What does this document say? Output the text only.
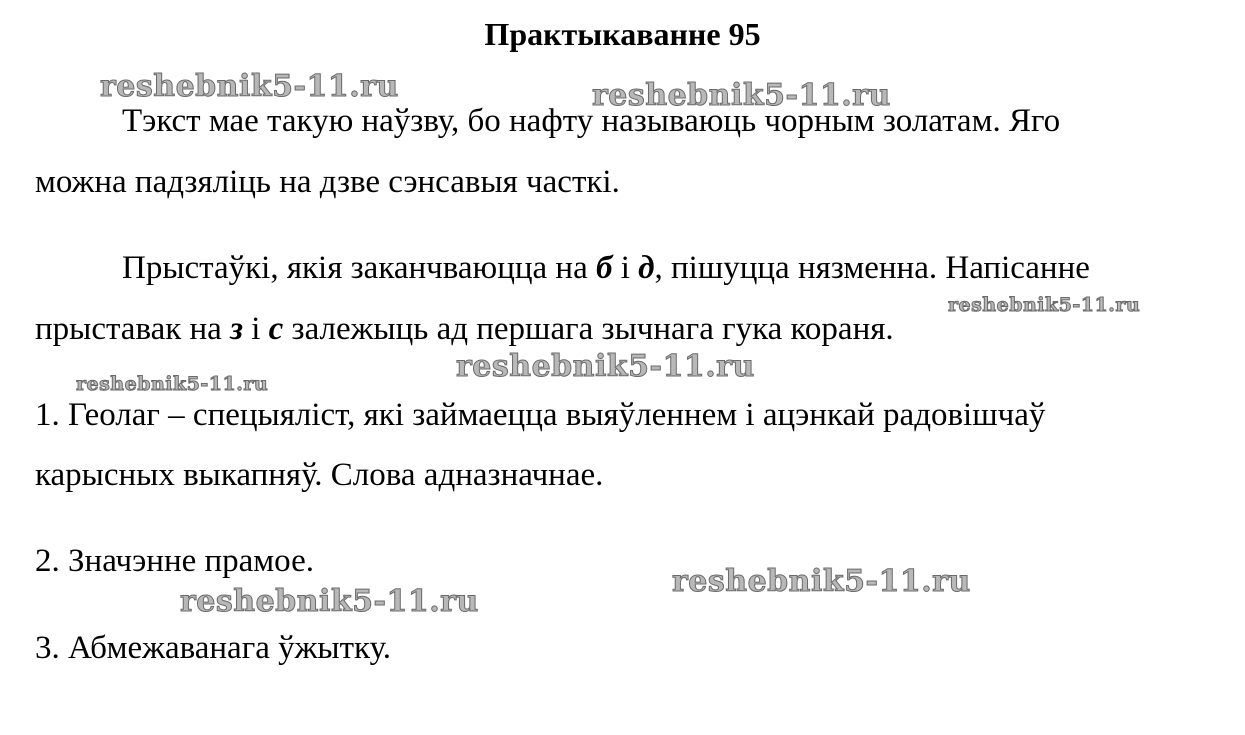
Практыкаванне 95
Тэкст мае такую наўзву, бо нафту называюць чорным золатам. Яго
можна падзяліць на дзве сэнсавыя часткі.
Прыстаўкі, якія заканчваюцца на б і д, пішуцца нязменна. Напісанне
прыставак на з і с залежыць ад першага зычнага гука кораня.
1. Геолаг – спецыяліст, які займаецца выяўленнем і ацэнкай радовішчаў
карысных выкапняў. Слова адназначнае.
2. Значэнне прамое.
3. Абмежаванага ўжытку.
reshebnik5-11.ru	reshebnik5-11.ru
reshebnik5-11.ru
reshebnik5-11.ru
reshebnik5-11.ru
reshebnik5-11.ru
reshebnik5-11.ru
